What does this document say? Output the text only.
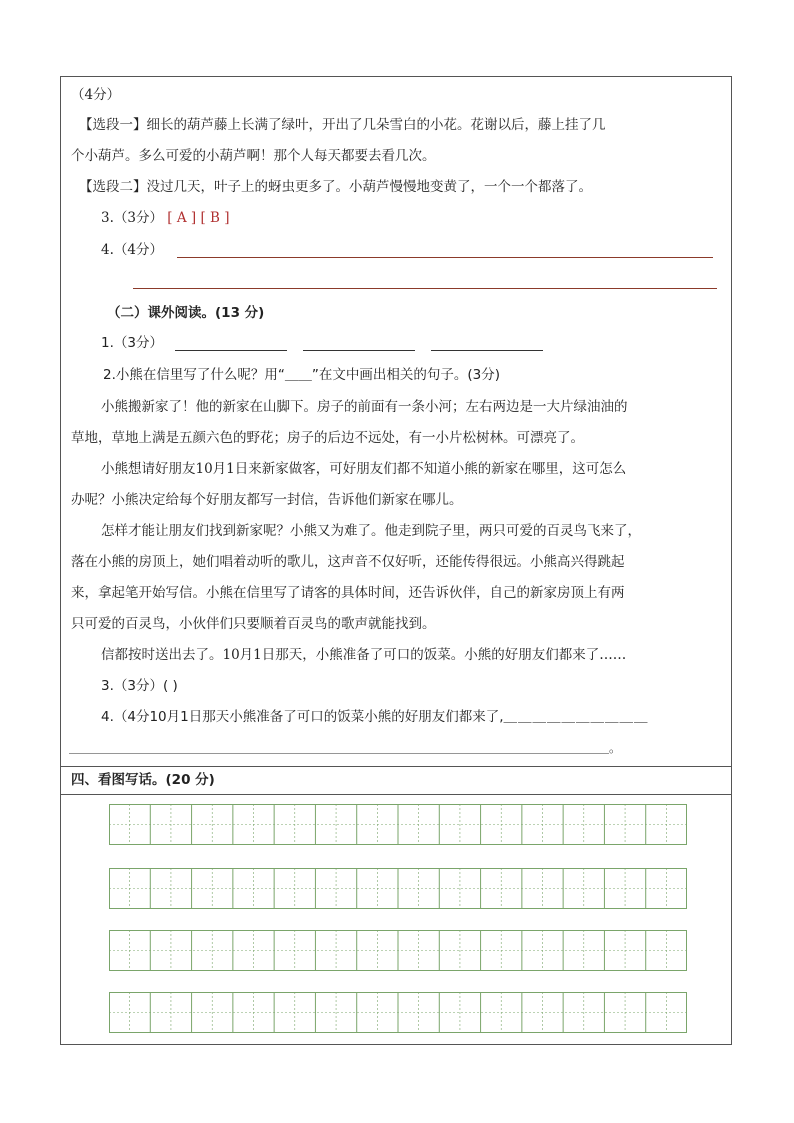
（4分）
【选段一】细长的葫芦藤上长满了绿叶，开出了几朵雪白的小花。花谢以后，藤上挂了几
个小葫芦。多么可爱的小葫芦啊！那个人每天都要去看几次。
【选段二】没过几天，叶子上的蚜虫更多了。小葫芦慢慢地变黄了，一个一个都落了。
3.（3分） [ A ] [ B ]
4.（4分）
（二）课外阅读。(13 分)
1.（3分）
2.小熊在信里写了什么呢？用“＿＿”在文中画出相关的句子。(3分)
小熊搬新家了！他的新家在山脚下。房子的前面有一条小河；左右两边是一大片绿油油的
草地，草地上满是五颜六色的野花；房子的后边不远处，有一小片松树林。可漂亮了。
小熊想请好朋友10月1日来新家做客，可好朋友们都不知道小熊的新家在哪里，这可怎么
办呢？小熊决定给每个好朋友都写一封信，告诉他们新家在哪儿。
怎样才能让朋友们找到新家呢？小熊又为难了。他走到院子里，两只可爱的百灵鸟飞来了，
落在小熊的房顶上，她们唱着动听的歌儿，这声音不仅好听，还能传得很远。小熊高兴得跳起
来，拿起笔开始写信。小熊在信里写了请客的具体时间，还告诉伙伴，自己的新家房顶上有两
只可爱的百灵鸟，小伙伴们只要顺着百灵鸟的歌声就能找到。
信都按时送出去了。10月1日那天，小熊准备了可口的饭菜。小熊的好朋友们都来了……
3.（3分）( )
4.（4分10月1日那天小熊准备了可口的饭菜小熊的好朋友们都来了,＿＿＿＿＿＿＿＿＿＿
＿＿＿＿＿＿＿＿＿＿＿＿＿＿＿＿＿＿＿＿＿＿＿＿＿＿＿＿＿＿＿＿＿＿＿＿＿＿＿＿＿＿＿＿＿。
四、看图写话。(20 分)
